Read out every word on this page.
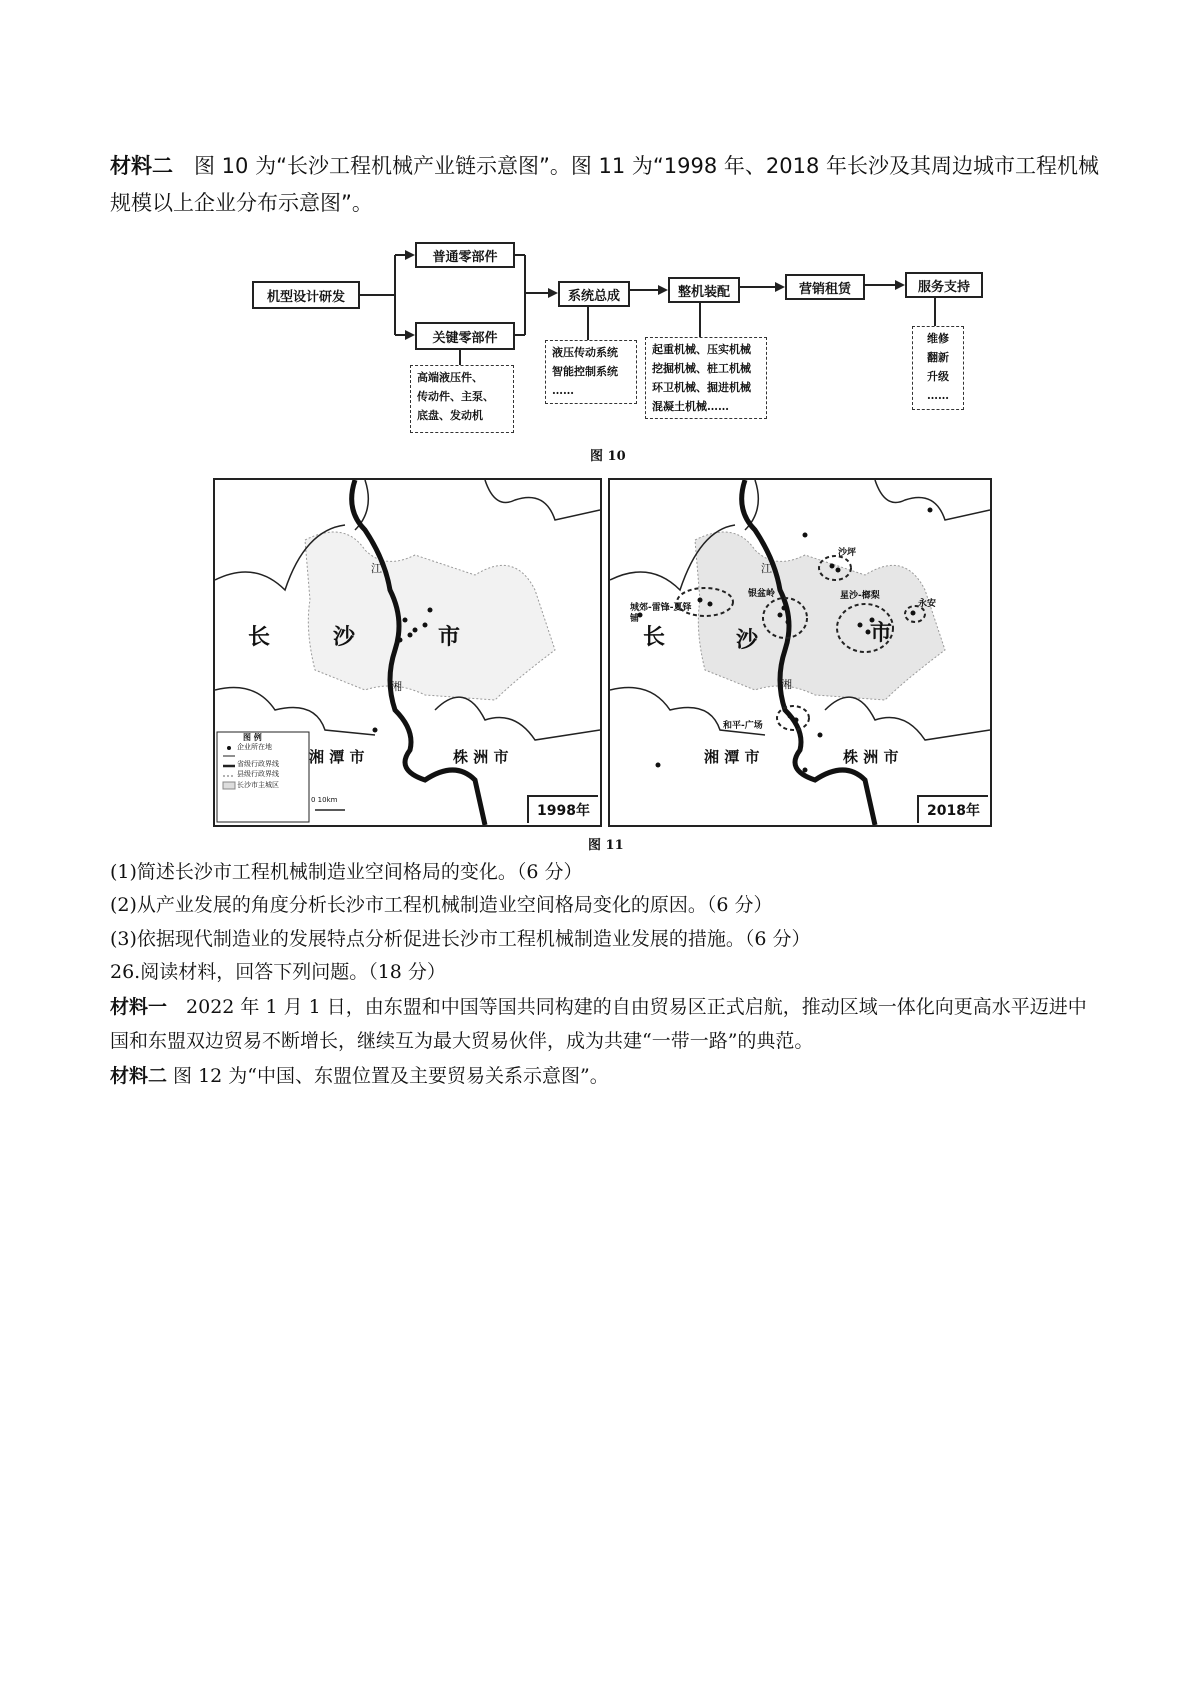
材料二　 图 10 为“长沙工程机械产业链示意图”。图 11 为“1998 年、2018 年长沙及其周边城市工程机械规模以上企业分布示意图”。
机型设计研发
普通零部件
关键零部件
高端液压件、
传动件、主泵、
底盘、发动机
系统总成
液压传动系统
智能控制系统
……
整机装配
起重机械、压实机械
挖掘机械、桩工机械
环卫机械、掘进机械
混凝土机械……
营销租赁	服务支持
维修
翻新
升级
……
图 10
江
长	沙	市
湘
湘 潭 市	株 洲 市
图 例
企业所在地
省级行政界线
县级行政界线
长沙市主城区
0 10km
1998年
江
沙坪
银盆岭	星沙-榔梨
永安
城郊-雷锋-夏铎铺
长	沙	市
湘
和平-广场
湘 潭 市	株 洲 市
2018年
图 11
(1)简述长沙市工程机械制造业空间格局的变化。（6 分）
(2)从产业发展的角度分析长沙市工程机械制造业空间格局变化的原因。（6 分）
(3)依据现代制造业的发展特点分析促进长沙市工程机械制造业发展的措施。（6 分）
26.阅读材料，回答下列问题。（18 分）
材料一　2022 年 1 月 1 日，由东盟和中国等国共同构建的自由贸易区正式启航，推动区域一体化向更高水平迈进中国和东盟双边贸易不断增长，继续互为最大贸易伙伴，成为共建“一带一路”的典范。
材料二 图 12 为“中国、东盟位置及主要贸易关系示意图”。
